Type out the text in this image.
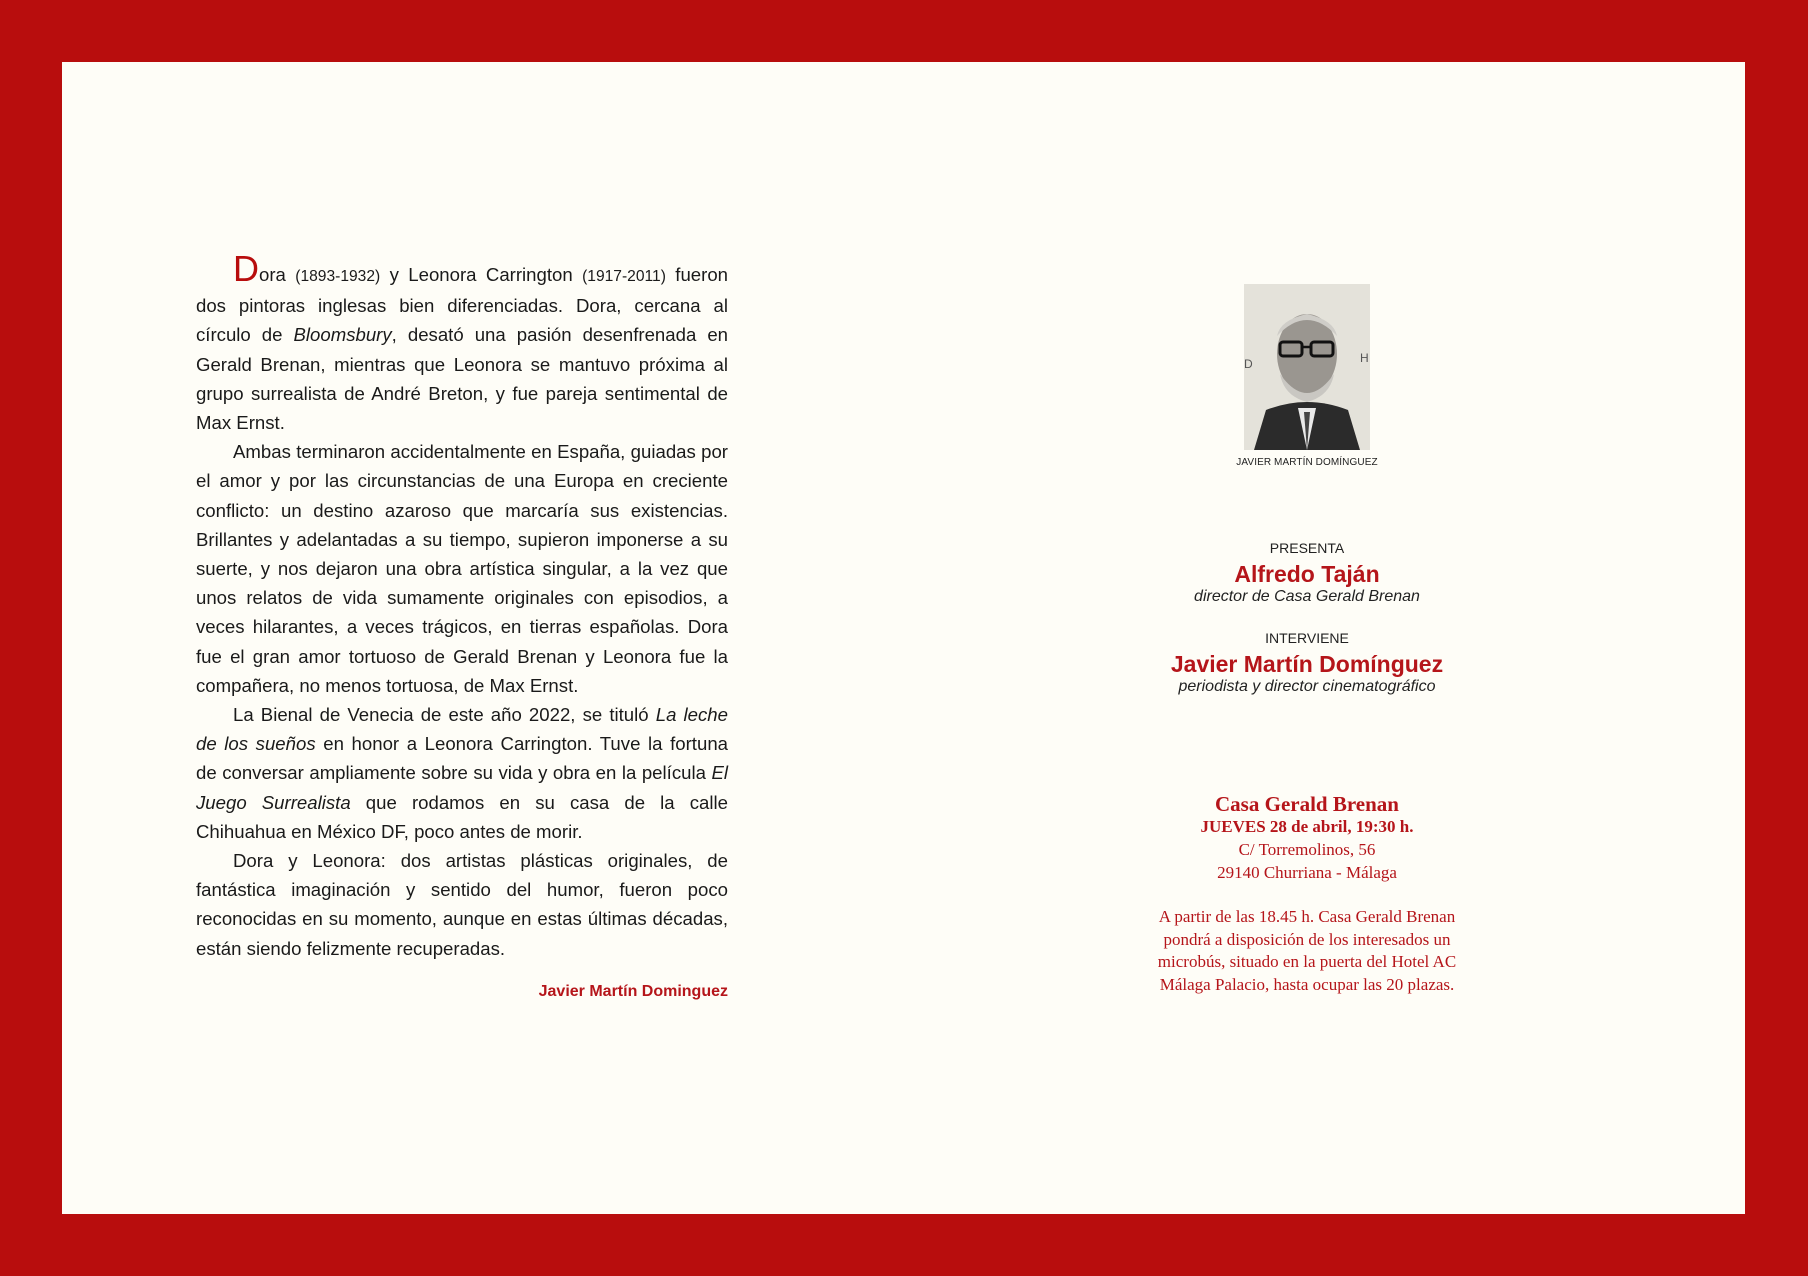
Dora (1893-1932) y Leonora Carrington (1917-2011) fueron dos pintoras inglesas bien diferenciadas. Dora, cercana al círculo de Bloomsbury, desató una pasión desenfrenada en Gerald Brenan, mientras que Leonora se mantuvo próxima al grupo surrealista de André Breton, y fue pareja sentimental de Max Ernst.

Ambas terminaron accidentalmente en España, guiadas por el amor y por las circunstancias de una Europa en creciente conflicto: un destino azaroso que marcaría sus existencias. Brillantes y adelantadas a su tiempo, supieron imponerse a su suerte, y nos dejaron una obra artística singular, a la vez que unos relatos de vida sumamente originales con episodios, a veces hilarantes, a veces trágicos, en tierras españolas. Dora fue el gran amor tortuoso de Gerald Brenan y Leonora fue la compañera, no menos tortuosa, de Max Ernst.

La Bienal de Venecia de este año 2022, se tituló La leche de los sueños en honor a Leonora Carrington. Tuve la fortuna de conversar ampliamente sobre su vida y obra en la película El Juego Surrealista que rodamos en su casa de la calle Chihuahua en México DF, poco antes de morir.

Dora y Leonora: dos artistas plásticas originales, de fantástica imaginación y sentido del humor, fueron poco reconocidas en su momento, aunque en estas últimas décadas, están siendo felizmente recuperadas.

Javier Martín Dominguez
D	H
JAVIER MARTÍN DOMÍNGUEZ
PRESENTA
Alfredo Taján
director de Casa Gerald Brenan
INTERVIENE
Javier Martín Domínguez
periodista y director cinematográfico
Casa Gerald Brenan
JUEVES 28 de abril, 19:30 h.
C/ Torremolinos, 56
29140 Churriana - Málaga
A partir de las 18.45 h. Casa Gerald Brenan pondrá a disposición de los interesados un microbús, situado en la puerta del Hotel AC Málaga Palacio, hasta ocupar las 20 plazas.
